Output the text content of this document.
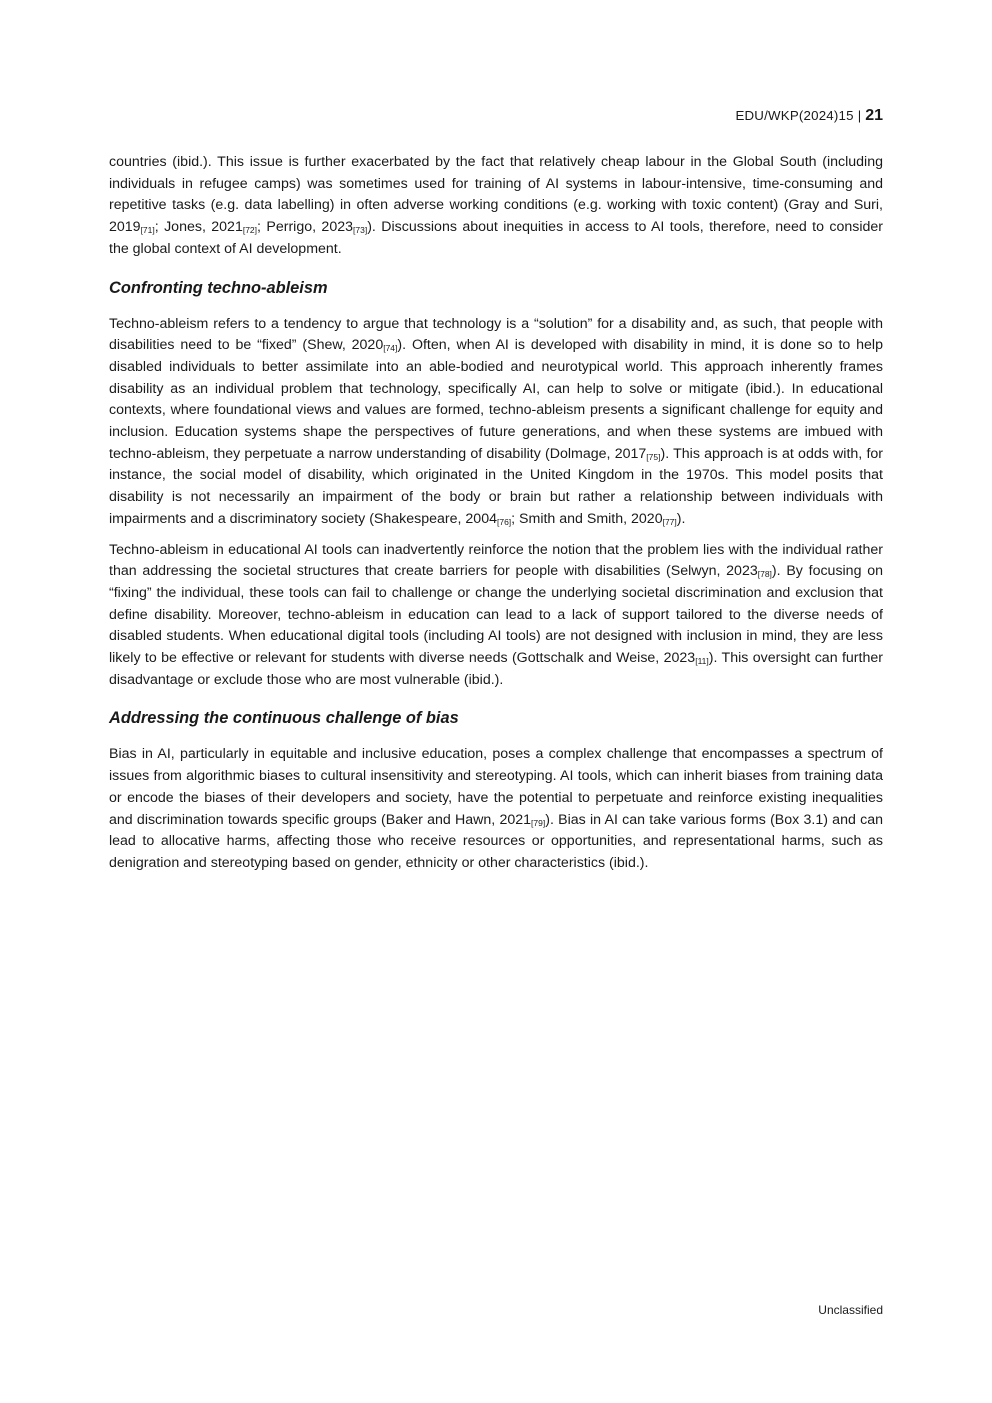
EDU/WKP(2024)15 | 21

countries (ibid.). This issue is further exacerbated by the fact that relatively cheap labour in the Global South (including individuals in refugee camps) was sometimes used for training of AI systems in labour-intensive, time-consuming and repetitive tasks (e.g. data labelling) in often adverse working conditions (e.g. working with toxic content) (Gray and Suri, $2019_{[71]}$; Jones, $2021_{[72]}$; Perrigo, $2023_{[73]}$). Discussions about inequities in access to AI tools, therefore, need to consider the global context of AI development.

Confronting techno-ableism

Techno-ableism refers to a tendency to argue that technology is a “solution” for a disability and, as such, that people with disabilities need to be “fixed” (Shew, $2020_{[74]}$). Often, when AI is developed with disability in mind, it is done so to help disabled individuals to better assimilate into an able-bodied and neurotypical world. This approach inherently frames disability as an individual problem that technology, specifically AI, can help to solve or mitigate (ibid.). In educational contexts, where foundational views and values are formed, techno-ableism presents a significant challenge for equity and inclusion. Education systems shape the perspectives of future generations, and when these systems are imbued with techno-ableism, they perpetuate a narrow understanding of disability (Dolmage, $2017_{[75]}$). This approach is at odds with, for instance, the social model of disability, which originated in the United Kingdom in the 1970s. This model posits that disability is not necessarily an impairment of the body or brain but rather a relationship between individuals with impairments and a discriminatory society (Shakespeare, $2004_{[76]}$; Smith and Smith, $2020_{[77]}$).

Techno-ableism in educational AI tools can inadvertently reinforce the notion that the problem lies with the individual rather than addressing the societal structures that create barriers for people with disabilities (Selwyn, $2023_{[78]}$). By focusing on “fixing” the individual, these tools can fail to challenge or change the underlying societal discrimination and exclusion that define disability. Moreover, techno-ableism in education can lead to a lack of support tailored to the diverse needs of disabled students. When educational digital tools (including AI tools) are not designed with inclusion in mind, they are less likely to be effective or relevant for students with diverse needs (Gottschalk and Weise, $2023_{[11]}$). This oversight can further disadvantage or exclude those who are most vulnerable (ibid.).

Addressing the continuous challenge of bias

Bias in AI, particularly in equitable and inclusive education, poses a complex challenge that encompasses a spectrum of issues from algorithmic biases to cultural insensitivity and stereotyping. AI tools, which can inherit biases from training data or encode the biases of their developers and society, have the potential to perpetuate and reinforce existing inequalities and discrimination towards specific groups (Baker and Hawn, $2021_{[79]}$). Bias in AI can take various forms (Box 3.1) and can lead to allocative harms, affecting those who receive resources or opportunities, and representational harms, such as denigration and stereotyping based on gender, ethnicity or other characteristics (ibid.).

Unclassified
